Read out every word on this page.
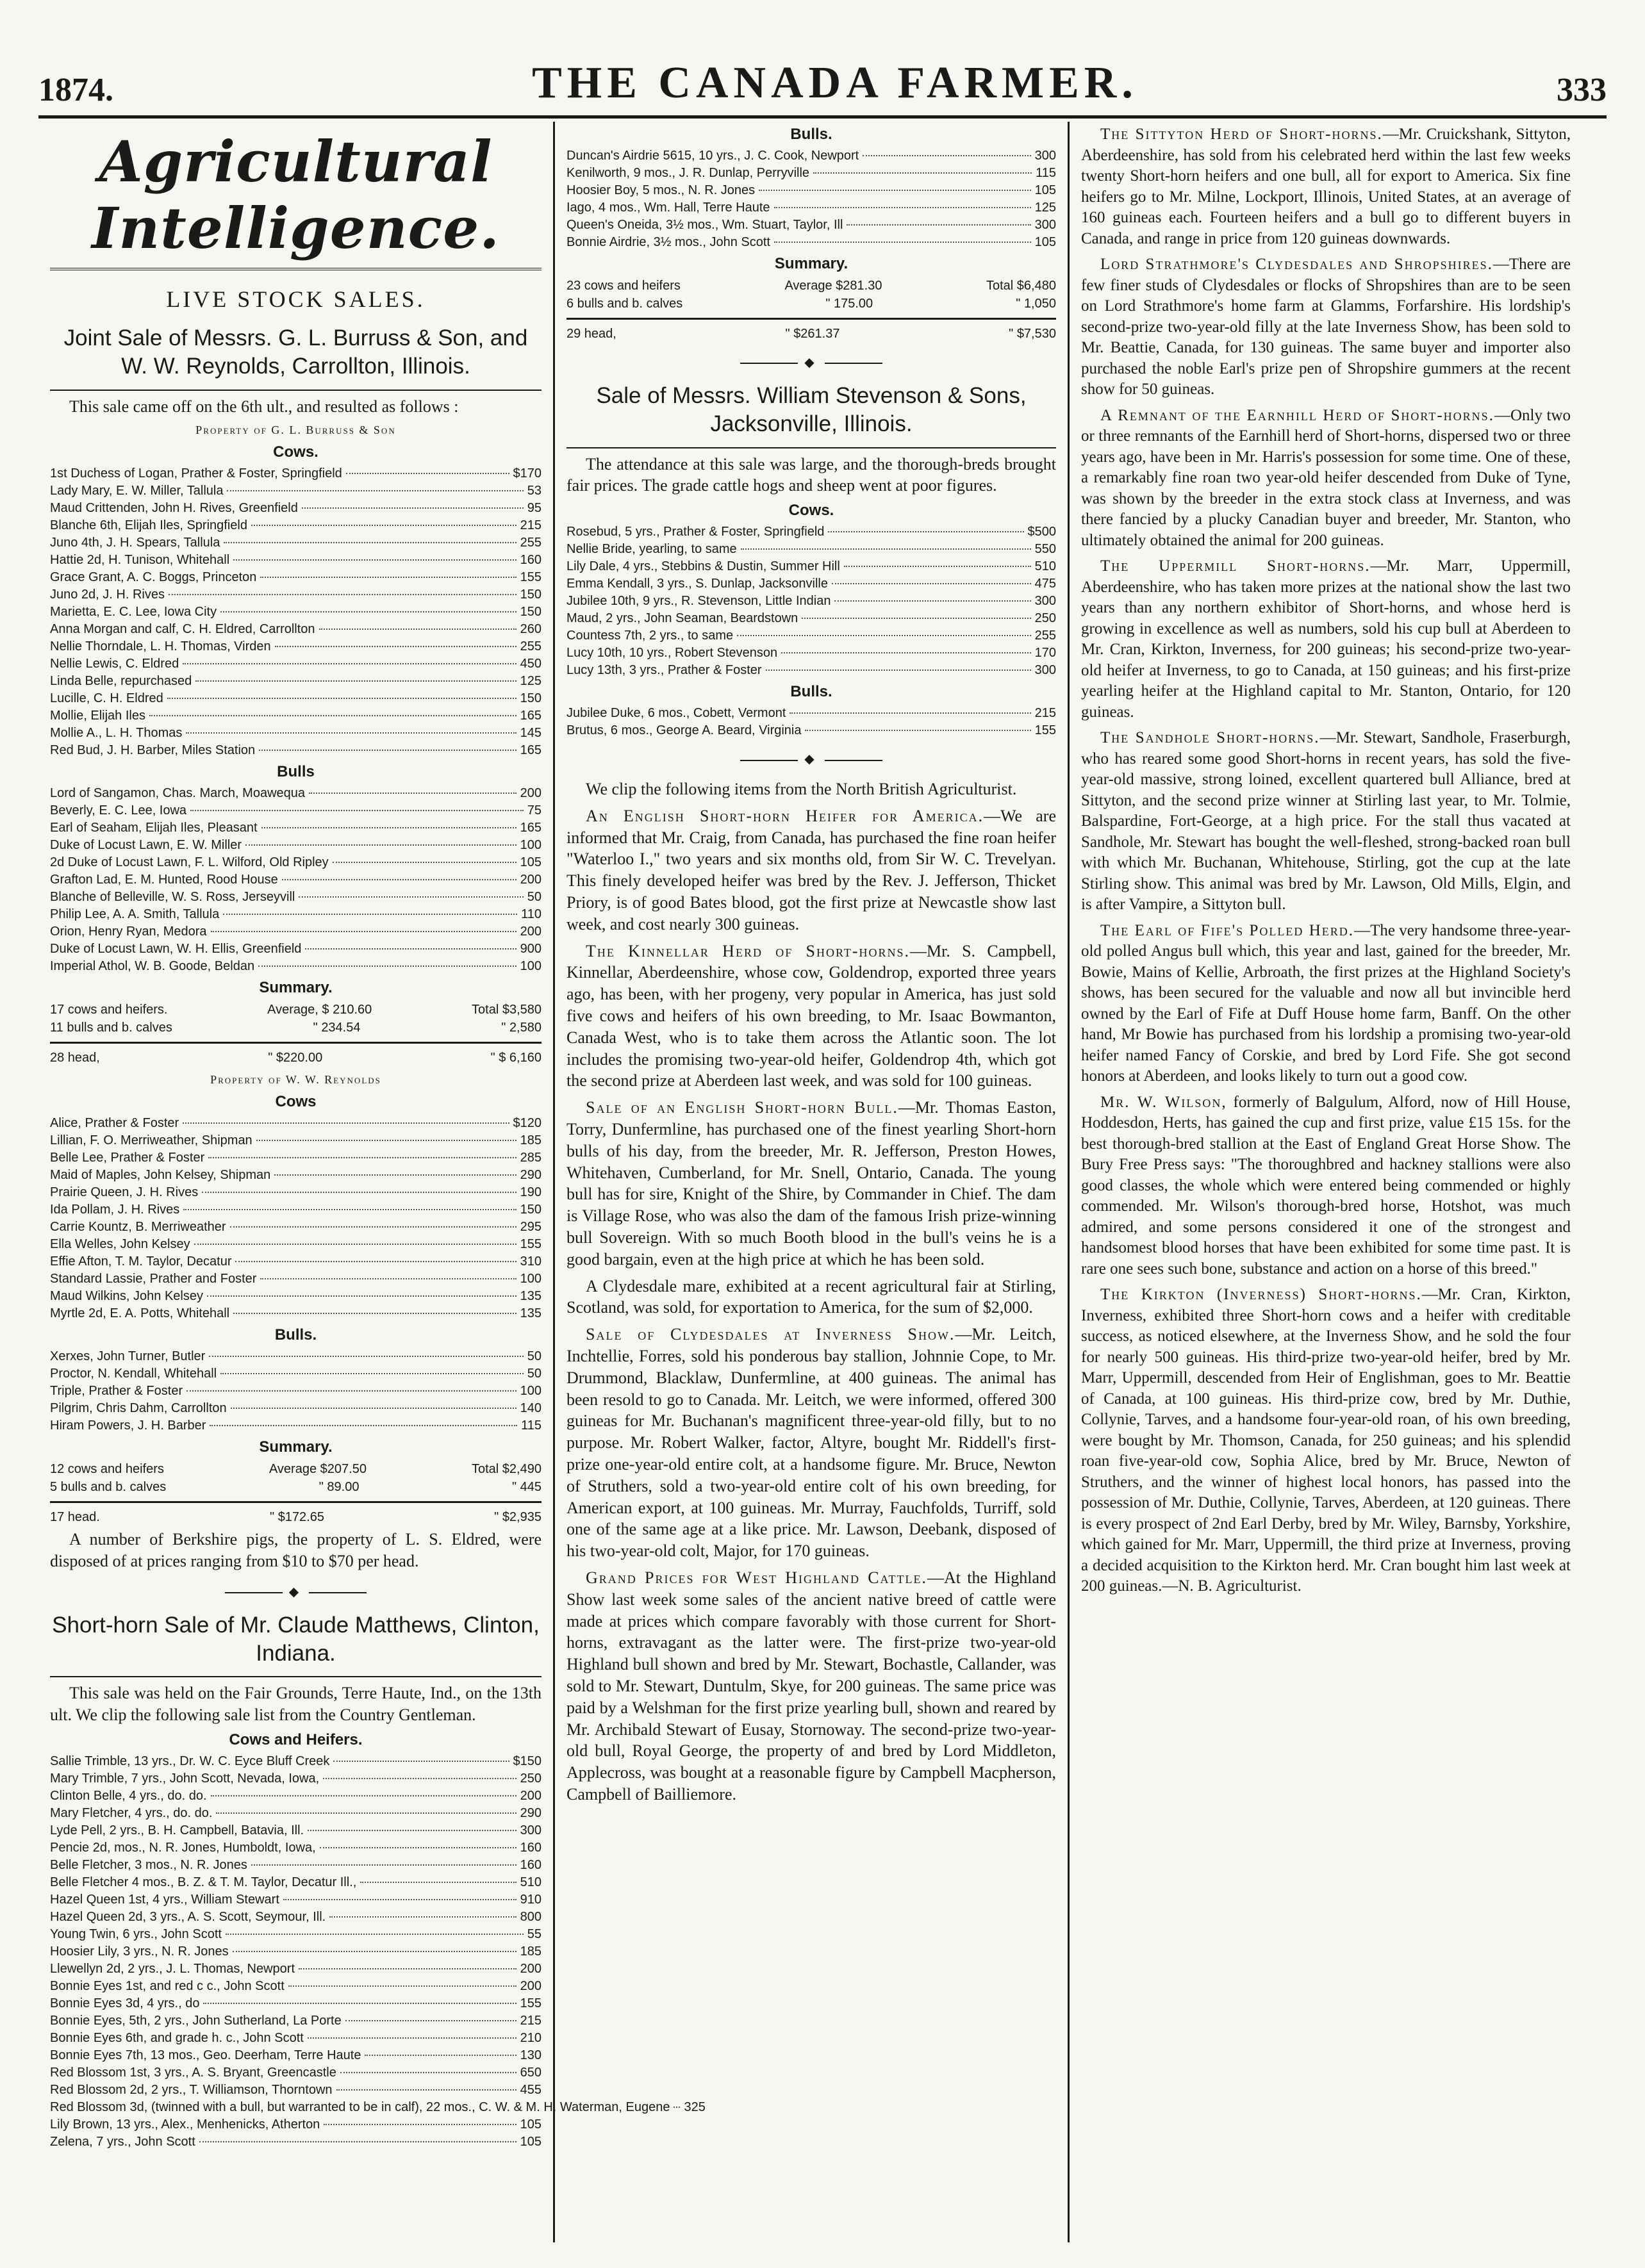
1874.	THE CANADA FARMER.	333
Agricultural Intelligence.
LIVE STOCK SALES.
Joint Sale of Messrs. G. L. Burruss & Son, and W. W. Reynolds, Carrollton, Illinois.

This sale came off on the 6th ult., and resulted as follows :

Property of G. L. Burruss & Son
Cows.
1st Duchess of Logan, Prather & Foster, Springfield	$170
Lady Mary, E. W. Miller, Tallula	53
Maud Crittenden, John H. Rives, Greenfield	95
Blanche 6th, Elijah Iles, Springfield	215
Juno 4th, J. H. Spears, Tallula	255
Hattie 2d, H. Tunison, Whitehall	160
Grace Grant, A. C. Boggs, Princeton	155
Juno 2d, J. H. Rives	150
Marietta, E. C. Lee, Iowa City	150
Anna Morgan and calf, C. H. Eldred, Carrollton	260
Nellie Thorndale, L. H. Thomas, Virden	255
Nellie Lewis, C. Eldred	450
Linda Belle, repurchased	125
Lucille, C. H. Eldred	150
Mollie, Elijah Iles	165
Mollie A., L. H. Thomas	145
Red Bud, J. H. Barber, Miles Station	165
Bulls
Lord of Sangamon, Chas. March, Moawequa	200
Beverly, E. C. Lee, Iowa	75
Earl of Seaham, Elijah Iles, Pleasant	165
Duke of Locust Lawn, E. W. Miller	100
2d Duke of Locust Lawn, F. L. Wilford, Old Ripley	105
Grafton Lad, E. M. Hunted, Rood House	200
Blanche of Belleville, W. S. Ross, Jerseyvill	50
Philip Lee, A. A. Smith, Tallula	110
Orion, Henry Ryan, Medora	200
Duke of Locust Lawn, W. H. Ellis, Greenfield	900
Imperial Athol, W. B. Goode, Beldan	100
Summary.
17 cows and heifers.	Average, $ 210.60	Total $3,580
11 bulls and b. calves	" 234.54	" 2,580
28 head,	" $220.00	" $ 6,160
Property of W. W. Reynolds
Cows
Alice, Prather & Foster	$120
Lillian, F. O. Merriweather, Shipman	185
Belle Lee, Prather & Foster	285
Maid of Maples, John Kelsey, Shipman	290
Prairie Queen, J. H. Rives	190
Ida Pollam, J. H. Rives	150
Carrie Kountz, B. Merriweather	295
Ella Welles, John Kelsey	155
Effie Afton, T. M. Taylor, Decatur	310
Standard Lassie, Prather and Foster	100
Maud Wilkins, John Kelsey	135
Myrtle 2d, E. A. Potts, Whitehall	135
Bulls.
Xerxes, John Turner, Butler	50
Proctor, N. Kendall, Whitehall	50
Triple, Prather & Foster	100
Pilgrim, Chris Dahm, Carrollton	140
Hiram Powers, J. H. Barber	115
Summary.
12 cows and heifers	Average $207.50	Total $2,490
5 bulls and b. calves	" 89.00	" 445
17 head.	" $172.65	" $2,935

A number of Berkshire pigs, the property of L. S. Eldred, were disposed of at prices ranging from $10 to $70 per head.

◆
Short-horn Sale of Mr. Claude Matthews, Clinton, Indiana.

This sale was held on the Fair Grounds, Terre Haute, Ind., on the 13th ult. We clip the following sale list from the Country Gentleman.

Cows and Heifers.
Sallie Trimble, 13 yrs., Dr. W. C. Eyce Bluff Creek	$150
Mary Trimble, 7 yrs., John Scott, Nevada, Iowa,	250
Clinton Belle, 4 yrs., do. do.	200
Mary Fletcher, 4 yrs., do. do.	290
Lyde Pell, 2 yrs., B. H. Campbell, Batavia, Ill.	300
Pencie 2d, mos., N. R. Jones, Humboldt, Iowa,	160
Belle Fletcher, 3 mos., N. R. Jones	160
Belle Fletcher 4 mos., B. Z. & T. M. Taylor, Decatur Ill.,	510
Hazel Queen 1st, 4 yrs., William Stewart	910
Hazel Queen 2d, 3 yrs., A. S. Scott, Seymour, Ill.	800
Young Twin, 6 yrs., John Scott	55
Hoosier Lily, 3 yrs., N. R. Jones	185
Llewellyn 2d, 2 yrs., J. L. Thomas, Newport	200
Bonnie Eyes 1st, and red c c., John Scott	200
Bonnie Eyes 3d, 4 yrs., do	155
Bonnie Eyes, 5th, 2 yrs., John Sutherland, La Porte	215
Bonnie Eyes 6th, and grade h. c., John Scott	210
Bonnie Eyes 7th, 13 mos., Geo. Deerham, Terre Haute	130
Red Blossom 1st, 3 yrs., A. S. Bryant, Greencastle	650
Red Blossom 2d, 2 yrs., T. Williamson, Thorntown	455
Red Blossom 3d, (twinned with a bull, but warranted to be in calf), 22 mos., C. W. & M. H. Waterman, Eugene 325
Lily Brown, 13 yrs., Alex., Menhenicks, Atherton	105
Zelena, 7 yrs., John Scott	105
Bulls.
Duncan's Airdrie 5615, 10 yrs., J. C. Cook, Newport	300
Kenilworth, 9 mos., J. R. Dunlap, Perryville	115
Hoosier Boy, 5 mos., N. R. Jones	105
Iago, 4 mos., Wm. Hall, Terre Haute	125
Queen's Oneida, 3½ mos., Wm. Stuart, Taylor, Ill	300
Bonnie Airdrie, 3½ mos., John Scott	105
Summary.
23 cows and heifers	Average $281.30	Total $6,480
6 bulls and b. calves	" 175.00	" 1,050
29 head,	" $261.37	" $7,530
◆
Sale of Messrs. William Stevenson & Sons, Jacksonville, Illinois.

The attendance at this sale was large, and the thorough-breds brought fair prices. The grade cattle hogs and sheep went at poor figures.

Cows.
Rosebud, 5 yrs., Prather & Foster, Springfield	$500
Nellie Bride, yearling, to same	550
Lily Dale, 4 yrs., Stebbins & Dustin, Summer Hill	510
Emma Kendall, 3 yrs., S. Dunlap, Jacksonville	475
Jubilee 10th, 9 yrs., R. Stevenson, Little Indian	300
Maud, 2 yrs., John Seaman, Beardstown	250
Countess 7th, 2 yrs., to same	255
Lucy 10th, 10 yrs., Robert Stevenson	170
Lucy 13th, 3 yrs., Prather & Foster	300
Bulls.
Jubilee Duke, 6 mos., Cobett, Vermont	215
Brutus, 6 mos., George A. Beard, Virginia	155
◆

We clip the following items from the North British Agriculturist.

An English Short-horn Heifer for America.—We are informed that Mr. Craig, from Canada, has purchased the fine roan heifer "Waterloo I.," two years and six months old, from Sir W. C. Trevelyan. This finely developed heifer was bred by the Rev. J. Jefferson, Thicket Priory, is of good Bates blood, got the first prize at Newcastle show last week, and cost nearly 300 guineas.

The Kinnellar Herd of Short-horns.—Mr. S. Campbell, Kinnellar, Aberdeenshire, whose cow, Goldendrop, exported three years ago, has been, with her progeny, very popular in America, has just sold five cows and heifers of his own breeding, to Mr. Isaac Bowmanton, Canada West, who is to take them across the Atlantic soon. The lot includes the promising two-year-old heifer, Goldendrop 4th, which got the second prize at Aberdeen last week, and was sold for 100 guineas.

Sale of an English Short-horn Bull.—Mr. Thomas Easton, Torry, Dunfermline, has purchased one of the finest yearling Short-horn bulls of his day, from the breeder, Mr. R. Jefferson, Preston Howes, Whitehaven, Cumberland, for Mr. Snell, Ontario, Canada. The young bull has for sire, Knight of the Shire, by Commander in Chief. The dam is Village Rose, who was also the dam of the famous Irish prize-winning bull Sovereign. With so much Booth blood in the bull's veins he is a good bargain, even at the high price at which he has been sold.

A Clydesdale mare, exhibited at a recent agricultural fair at Stirling, Scotland, was sold, for exportation to America, for the sum of $2,000.

Sale of Clydesdales at Inverness Show.—Mr. Leitch, Inchtellie, Forres, sold his ponderous bay stallion, Johnnie Cope, to Mr. Drummond, Blacklaw, Dunfermline, at 400 guineas. The animal has been resold to go to Canada. Mr. Leitch, we were informed, offered 300 guineas for Mr. Buchanan's magnificent three-year-old filly, but to no purpose. Mr. Robert Walker, factor, Altyre, bought Mr. Riddell's first-prize one-year-old entire colt, at a handsome figure. Mr. Bruce, Newton of Struthers, sold a two-year-old entire colt of his own breeding, for American export, at 100 guineas. Mr. Murray, Fauchfolds, Turriff, sold one of the same age at a like price. Mr. Lawson, Deebank, disposed of his two-year-old colt, Major, for 170 guineas.

Grand Prices for West Highland Cattle.—At the Highland Show last week some sales of the ancient native breed of cattle were made at prices which compare favorably with those current for Short-horns, extravagant as the latter were. The first-prize two-year-old Highland bull shown and bred by Mr. Stewart, Bochastle, Callander, was sold to Mr. Stewart, Duntulm, Skye, for 200 guineas. The same price was paid by a Welshman for the first prize yearling bull, shown and reared by Mr. Archibald Stewart of Eusay, Stornoway. The second-prize two-year-old bull, Royal George, the property of and bred by Lord Middleton, Applecross, was bought at a reasonable figure by Campbell Macpherson, Campbell of Bailliemore.

The Sittyton Herd of Short-horns.—Mr. Cruickshank, Sittyton, Aberdeenshire, has sold from his celebrated herd within the last few weeks twenty Short-horn heifers and one bull, all for export to America. Six fine heifers go to Mr. Milne, Lockport, Illinois, United States, at an average of 160 guineas each. Fourteen heifers and a bull go to different buyers in Canada, and range in price from 120 guineas downwards.

Lord Strathmore's Clydesdales and Shropshires.—There are few finer studs of Clydesdales or flocks of Shropshires than are to be seen on Lord Strathmore's home farm at Glamms, Forfarshire. His lordship's second-prize two-year-old filly at the late Inverness Show, has been sold to Mr. Beattie, Canada, for 130 guineas. The same buyer and importer also purchased the noble Earl's prize pen of Shropshire gummers at the recent show for 50 guineas.

A Remnant of the Earnhill Herd of Short-horns.—Only two or three remnants of the Earnhill herd of Short-horns, dispersed two or three years ago, have been in Mr. Harris's possession for some time. One of these, a remarkably fine roan two year-old heifer descended from Duke of Tyne, was shown by the breeder in the extra stock class at Inverness, and was there fancied by a plucky Canadian buyer and breeder, Mr. Stanton, who ultimately obtained the animal for 200 guineas.

The Uppermill Short-horns.—Mr. Marr, Uppermill, Aberdeenshire, who has taken more prizes at the national show the last two years than any northern exhibitor of Short-horns, and whose herd is growing in excellence as well as numbers, sold his cup bull at Aberdeen to Mr. Cran, Kirkton, Inverness, for 200 guineas; his second-prize two-year-old heifer at Inverness, to go to Canada, at 150 guineas; and his first-prize yearling heifer at the Highland capital to Mr. Stanton, Ontario, for 120 guineas.

The Sandhole Short-horns.—Mr. Stewart, Sandhole, Fraserburgh, who has reared some good Short-horns in recent years, has sold the five-year-old massive, strong loined, excellent quartered bull Alliance, bred at Sittyton, and the second prize winner at Stirling last year, to Mr. Tolmie, Balspardine, Fort-George, at a high price. For the stall thus vacated at Sandhole, Mr. Stewart has bought the well-fleshed, strong-backed roan bull with which Mr. Buchanan, Whitehouse, Stirling, got the cup at the late Stirling show. This animal was bred by Mr. Lawson, Old Mills, Elgin, and is after Vampire, a Sittyton bull.

The Earl of Fife's Polled Herd.—The very handsome three-year-old polled Angus bull which, this year and last, gained for the breeder, Mr. Bowie, Mains of Kellie, Arbroath, the first prizes at the Highland Society's shows, has been secured for the valuable and now all but invincible herd owned by the Earl of Fife at Duff House home farm, Banff. On the other hand, Mr Bowie has purchased from his lordship a promising two-year-old heifer named Fancy of Corskie, and bred by Lord Fife. She got second honors at Aberdeen, and looks likely to turn out a good cow.

Mr. W. Wilson, formerly of Balgulum, Alford, now of Hill House, Hoddesdon, Herts, has gained the cup and first prize, value £15 15s. for the best thorough-bred stallion at the East of England Great Horse Show. The Bury Free Press says: "The thoroughbred and hackney stallions were also good classes, the whole which were entered being commended or highly commended. Mr. Wilson's thorough-bred horse, Hotshot, was much admired, and some persons considered it one of the strongest and handsomest blood horses that have been exhibited for some time past. It is rare one sees such bone, substance and action on a horse of this breed."

The Kirkton (Inverness) Short-horns.—Mr. Cran, Kirkton, Inverness, exhibited three Short-horn cows and a heifer with creditable success, as noticed elsewhere, at the Inverness Show, and he sold the four for nearly 500 guineas. His third-prize two-year-old heifer, bred by Mr. Marr, Uppermill, descended from Heir of Englishman, goes to Mr. Beattie of Canada, at 100 guineas. His third-prize cow, bred by Mr. Duthie, Collynie, Tarves, and a handsome four-year-old roan, of his own breeding, were bought by Mr. Thomson, Canada, for 250 guineas; and his splendid roan five-year-old cow, Sophia Alice, bred by Mr. Bruce, Newton of Struthers, and the winner of highest local honors, has passed into the possession of Mr. Duthie, Collynie, Tarves, Aberdeen, at 120 guineas. There is every prospect of 2nd Earl Derby, bred by Mr. Wiley, Barnsby, Yorkshire, which gained for Mr. Marr, Uppermill, the third prize at Inverness, proving a decided acquisition to the Kirkton herd. Mr. Cran bought him last week at 200 guineas.—N. B. Agriculturist.
